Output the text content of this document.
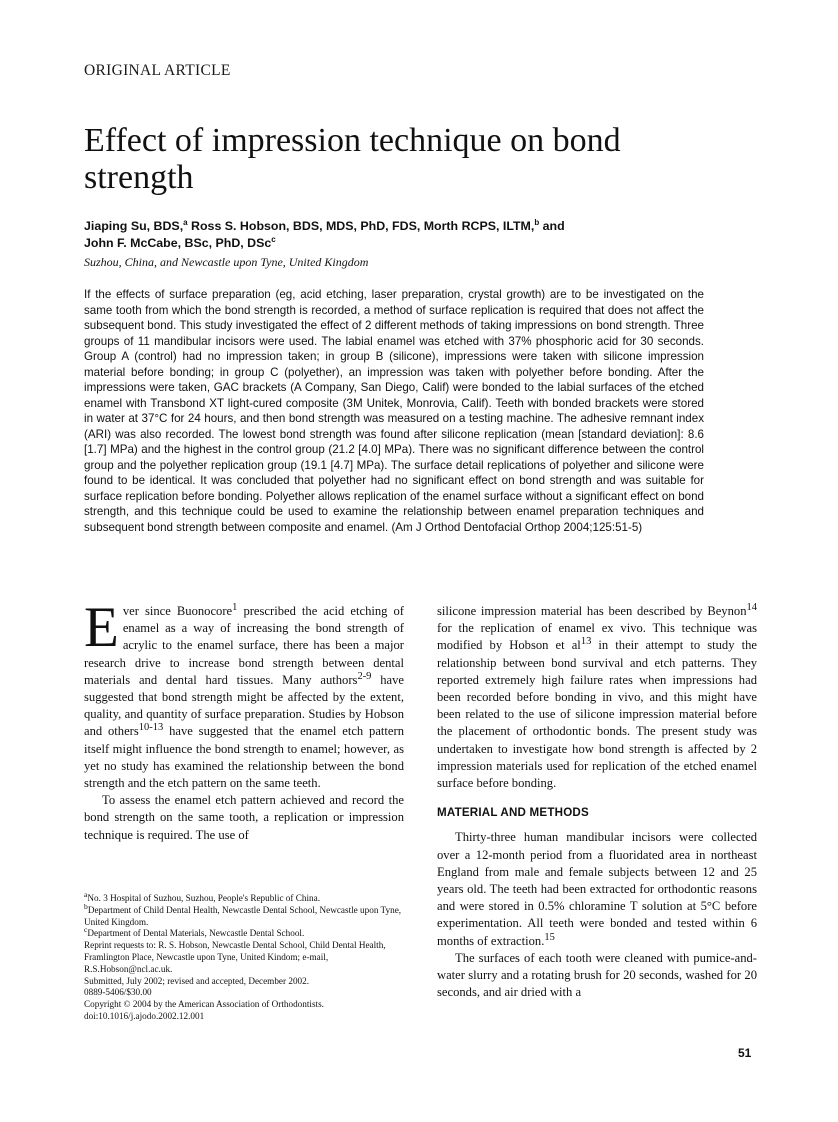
ORIGINAL ARTICLE
Effect of impression technique on bond strength
Jiaping Su, BDS,$^a$ Ross S. Hobson, BDS, MDS, PhD, FDS, Morth RCPS, ILTM,$^b$ and
John F. McCabe, BSc, PhD, DSc$^c$
Suzhou, China, and Newcastle upon Tyne, United Kingdom

If the effects of surface preparation (eg, acid etching, laser preparation, crystal growth) are to be investigated on the same tooth from which the bond strength is recorded, a method of surface replication is required that does not affect the subsequent bond. This study investigated the effect of 2 different methods of taking impressions on bond strength. Three groups of 11 mandibular incisors were used. The labial enamel was etched with 37% phosphoric acid for 30 seconds. Group A (control) had no impression taken; in group B (silicone), impressions were taken with silicone impression material before bonding; in group C (polyether), an impression was taken with polyether before bonding. After the impressions were taken, GAC brackets (A Company, San Diego, Calif) were bonded to the labial surfaces of the etched enamel with Transbond XT light-cured composite (3M Unitek, Monrovia, Calif). Teeth with bonded brackets were stored in water at 37°C for 24 hours, and then bond strength was measured on a testing machine. The adhesive remnant index (ARI) was also recorded. The lowest bond strength was found after silicone replication (mean [standard deviation]: 8.6 [1.7] MPa) and the highest in the control group (21.2 [4.0] MPa). There was no significant difference between the control group and the polyether replication group (19.1 [4.7] MPa). The surface detail replications of polyether and silicone were found to be identical. It was concluded that polyether had no significant effect on bond strength and was suitable for surface replication before bonding. Polyether allows replication of the enamel surface without a significant effect on bond strength, and this technique could be used to examine the relationship between enamel preparation techniques and subsequent bond strength between composite and enamel. (Am J Orthod Dentofacial Orthop 2004;125:51-5)

Ever since Buonocore$^1$ prescribed the acid etching of enamel as a way of increasing the bond strength of acrylic to the enamel surface, there has been a major research drive to increase bond strength between dental materials and dental hard tissues. Many authors$^{2-9}$ have suggested that bond strength might be affected by the extent, quality, and quantity of surface preparation. Studies by Hobson and others$^{10-13}$ have suggested that the enamel etch pattern itself might influence the bond strength to enamel; however, as yet no study has examined the relationship between the bond strength and the etch pattern on the same teeth.

To assess the enamel etch pattern achieved and record the bond strength on the same tooth, a replication or impression technique is required. The use of

$^a$No. 3 Hospital of Suzhou, Suzhou, People's Republic of China.

$^b$Department of Child Dental Health, Newcastle Dental School, Newcastle upon Tyne, United Kingdom.

$^c$Department of Dental Materials, Newcastle Dental School.

Reprint requests to: R. S. Hobson, Newcastle Dental School, Child Dental Health, Framlington Place, Newcastle upon Tyne, United Kindom; e-mail, R.S.Hobson@ncl.ac.uk.

Submitted, July 2002; revised and accepted, December 2002.

0889-5406/$30.00

Copyright © 2004 by the American Association of Orthodontists.

doi:10.1016/j.ajodo.2002.12.001

silicone impression material has been described by Beynon$^{14}$ for the replication of enamel ex vivo. This technique was modified by Hobson et $al^{13}$ in their attempt to study the relationship between bond survival and etch patterns. They reported extremely high failure rates when impressions had been recorded before bonding in vivo, and this might have been related to the use of silicone impression material before the placement of orthodontic bonds. The present study was undertaken to investigate how bond strength is affected by 2 impression materials used for replication of the etched enamel surface before bonding.

MATERIAL AND METHODS

Thirty-three human mandibular incisors were collected over a 12-month period from a fluoridated area in northeast England from male and female subjects between 12 and 25 years old. The teeth had been extracted for orthodontic reasons and were stored in 0.5% chloramine T solution at 5°C before experimentation. All teeth were bonded and tested within 6 months of extraction.$^{15}$

The surfaces of each tooth were cleaned with pumice-and-water slurry and a rotating brush for 20 seconds, washed for 20 seconds, and air dried with a

51
